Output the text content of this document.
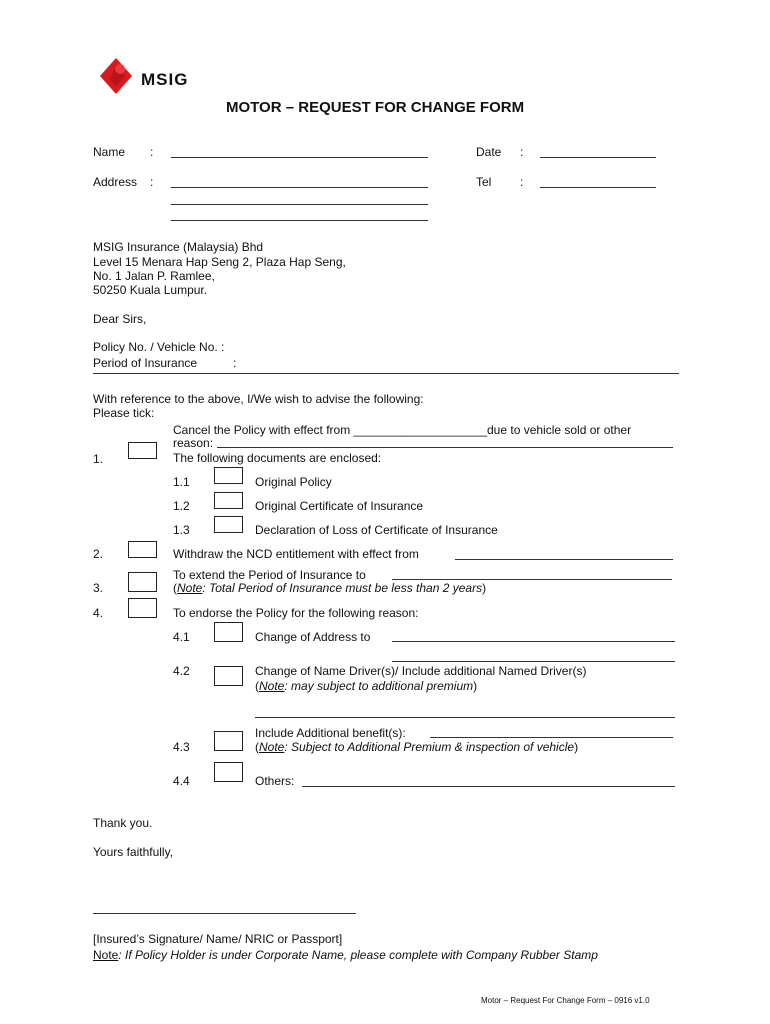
MSIG
MOTOR – REQUEST FOR CHANGE FORM
Name :	Date :
Address :	Tel :
MSIG Insurance (Malaysia) Bhd
Level 15 Menara Hap Seng 2, Plaza Hap Seng,
No. 1 Jalan P. Ramlee,
50250 Kuala Lumpur.
Dear Sirs,
Policy No. / Vehicle No. :
Period of Insurance	:
With reference to the above, I/We wish to advise the following:
Please tick:
1.
Cancel the Policy with effect from ____________________due to vehicle sold or other
reason:
The following documents are enclosed:
1.1	Original Policy
1.2	Original Certificate of Insurance
1.3	Declaration of Loss of Certificate of Insurance
2.	Withdraw the NCD entitlement with effect from
3.
To extend the Period of Insurance to
(Note: Total Period of Insurance must be less than 2 years)
4.	To endorse the Policy for the following reason:
4.1	Change of Address to
4.2	Change of Name Driver(s)/ Include additional Named Driver(s)
(Note: may subject to additional premium)
4.3
Include Additional benefit(s):
(Note: Subject to Additional Premium & inspection of vehicle)
4.4	Others:
Thank you.
Yours faithfully,
[Insured’s Signature/ Name/ NRIC or Passport]
Note: If Policy Holder is under Corporate Name, please complete with Company Rubber Stamp
Motor – Request For Change Form – 0916 v1.0
